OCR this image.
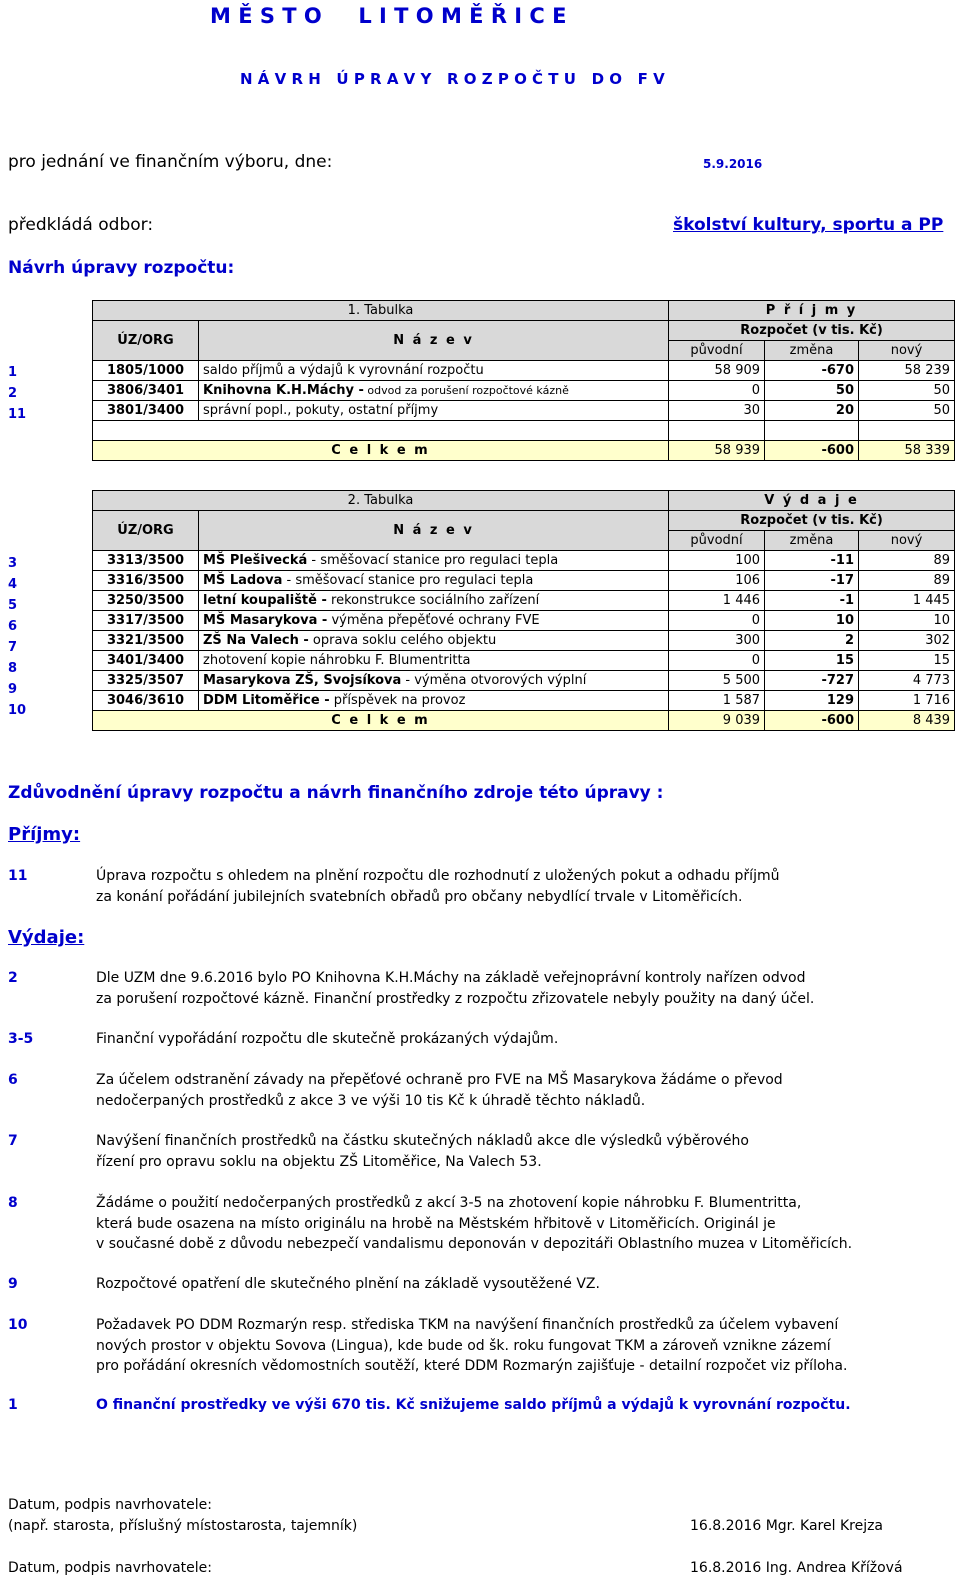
M Ě S T O     L I T O M Ě Ř I C E
N Á V R H   Ú P R A V Y   R O Z P O Č T U   D O   F V
pro jednání ve finančním výboru, dne:	5.9.2016
předkládá odbor:	školství kultury, sportu a PP
Návrh úpravy rozpočtu:
1
2
11
1. Tabulka		P ř í j m y		
ÚZ/ORG	N á z e v	Rozpočet (v tis. Kč)		
		původní	změna	nový
1805/1000	saldo příjmů a výdajů k vyrovnání rozpočtu	58 909	-670	58 239
3806/3401	Knihovna K.H.Máchy - odvod za porušení rozpočtové kázně	0	50	50
3801/3400	správní popl., pokuty, ostatní příjmy	30	20	50

C e l k e m		58 939	-600	58 339
3
4
5
6
7
8
9
10
2. Tabulka		V ý d a j e		
ÚZ/ORG	N á z e v	Rozpočet (v tis. Kč)		
		původní	změna	nový
3313/3500	MŠ Plešivecká - směšovací stanice pro regulaci tepla	100	-11	89
3316/3500	MŠ Ladova - směšovací stanice pro regulaci tepla	106	-17	89
3250/3500	letní koupaliště - rekonstrukce sociálního zařízení	1 446	-1	1 445
3317/3500	MŠ Masarykova - výměna přepěťové ochrany FVE	0	10	10
3321/3500	ZŠ Na Valech - oprava soklu celého objektu	300	2	302
3401/3400	zhotovení kopie náhrobku F. Blumentritta	0	15	15
3325/3507	Masarykova ZŠ, Svojsíkova - výměna otvorových výplní	5 500	-727	4 773
3046/3610	DDM Litoměřice - příspěvek na provoz	1 587	129	1 716
C e l k e m		9 039	-600	8 439
Zdůvodnění úpravy rozpočtu a návrh finančního zdroje této úpravy :
Příjmy:
11	Úprava rozpočtu s ohledem na plnění rozpočtu dle rozhodnutí z uložených pokut a odhadu příjmů
za konání pořádání jubilejních svatebních obřadů pro občany nebydlící trvale v Litoměřicích.
Výdaje:
2	Dle UZM dne 9.6.2016 bylo PO Knihovna K.H.Máchy na základě veřejnoprávní kontroly nařízen odvod
za porušení rozpočtové kázně. Finanční prostředky z rozpočtu zřizovatele nebyly použity na daný účel.
3-5	Finanční vypořádání rozpočtu dle skutečně prokázaných výdajům.
6	Za účelem odstranění závady na přepěťové ochraně pro FVE na MŠ Masarykova žádáme o převod
nedočerpaných prostředků z akce 3 ve výši 10 tis Kč k úhradě těchto nákladů.
7	Navýšení finančních prostředků na částku skutečných nákladů akce dle výsledků výběrového
řízení pro opravu soklu na objektu ZŠ Litoměřice, Na Valech 53.
8	Žádáme o použití nedočerpaných prostředků z akcí 3-5 na zhotovení kopie náhrobku F. Blumentritta,
která bude osazena na místo originálu na hrobě na Městském hřbitově v Litoměřicích. Originál je
v současné době z důvodu nebezpečí vandalismu deponován v depozitáři Oblastního muzea v Litoměřicích.
9	Rozpočtové opatření dle skutečného plnění na základě vysoutěžené VZ.
10	Požadavek PO DDM Rozmarýn resp. střediska TKM na navýšení finančních prostředků za účelem vybavení
nových prostor v objektu Sovova (Lingua), kde bude od šk. roku fungovat TKM a zároveň vznikne zázemí
pro pořádání okresních vědomostních soutěží, které DDM Rozmarýn zajišťuje - detailní rozpočet viz příloha.
1	O finanční prostředky ve výši 670 tis. Kč snižujeme saldo příjmů a výdajů k vyrovnání rozpočtu.
Datum, podpis navrhovatele:
(např. starosta, příslušný místostarosta, tajemník)	16.8.2016 Mgr. Karel Krejza
Datum, podpis navrhovatele:	16.8.2016 Ing. Andrea Křížová
